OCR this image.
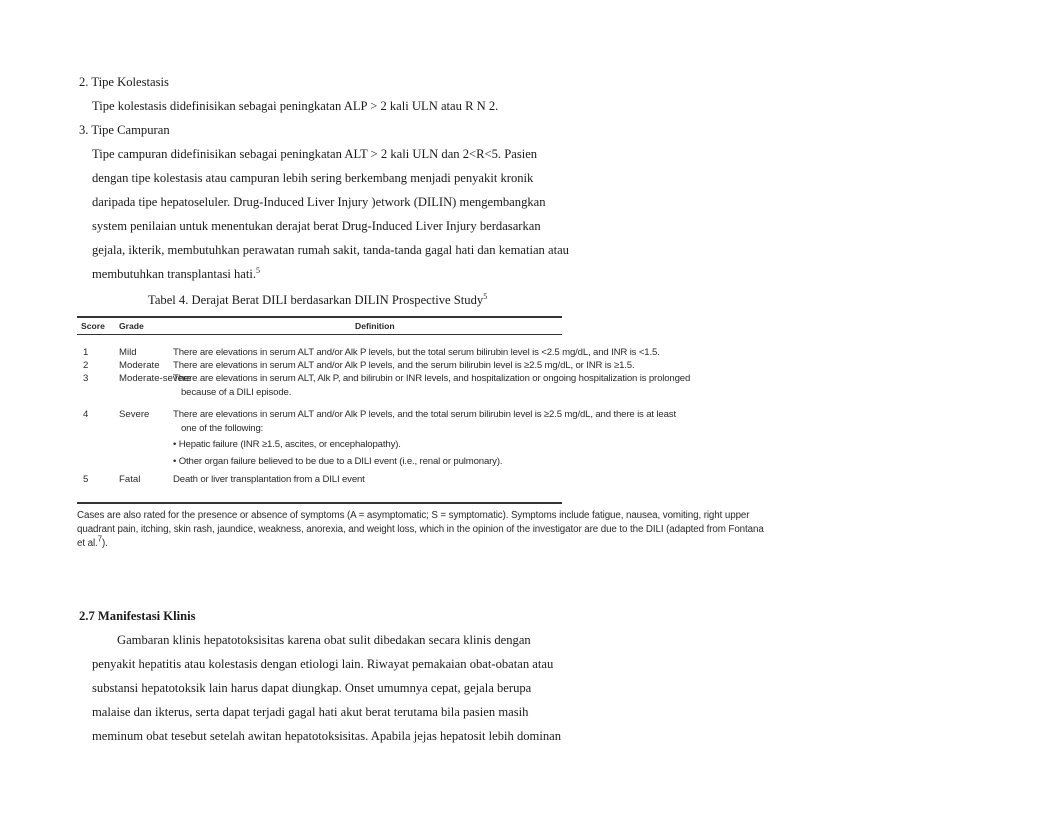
2. Tipe Kolestasis
Tipe kolestasis didefinisikan sebagai peningkatan ALP > 2 kali ULN atau R N 2.
3. Tipe Campuran
Tipe campuran didefinisikan sebagai peningkatan ALT > 2 kali ULN dan 2<R<5. Pasien
dengan tipe kolestasis atau campuran lebih sering berkembang menjadi penyakit kronik
daripada tipe hepatoseluler. Drug-Induced Liver Injury )etwork (DILIN) mengembangkan
system penilaian untuk menentukan derajat berat Drug-Induced Liver Injury berdasarkan
gejala, ikterik, membutuhkan perawatan rumah sakit, tanda-tanda gagal hati dan kematian atau
membutuhkan transplantasi hati.$^5$
Tabel 4. Derajat Berat DILI berdasarkan DILIN Prospective Study$^5$
Score Grade	Definition
1	Mild	There are elevations in serum ALT and/or Alk P levels, but the total serum bilirubin level is <2.5 mg/dL, and INR is <1.5.
2	Moderate There are elevations in serum ALT and/or Alk P levels, and the serum bilirubin level is ≥2.5 mg/dL, or INR is ≥1.5.
3	Moderate-severe
There are elevations in serum ALT, Alk P, and bilirubin or INR levels, and hospitalization or ongoing hospitalization is prolonged
because of a DILI episode.
4	Severe There are elevations in serum ALT and/or Alk P levels, and the total serum bilirubin level is ≥2.5 mg/dL, and there is at least
one of the following:
• Hepatic failure (INR ≥1.5, ascites, or encephalopathy).
• Other organ failure believed to be due to a DILI event (i.e., renal or pulmonary).
5	Fatal	Death or liver transplantation from a DILI event
Cases are also rated for the presence or absence of symptoms (A = asymptomatic; S = symptomatic). Symptoms include fatigue, nausea, vomiting, right upper
quadrant pain, itching, skin rash, jaundice, weakness, anorexia, and weight loss, which in the opinion of the investigator are due to the DILI (adapted from Fontana
et al.$^7$).
2.7 Manifestasi Klinis
Gambaran klinis hepatotoksisitas karena obat sulit dibedakan secara klinis dengan
penyakit hepatitis atau kolestasis dengan etiologi lain. Riwayat pemakaian obat-obatan atau
substansi hepatotoksik lain harus dapat diungkap. Onset umumnya cepat, gejala berupa
malaise dan ikterus, serta dapat terjadi gagal hati akut berat terutama bila pasien masih
meminum obat tesebut setelah awitan hepatotoksisitas. Apabila jejas hepatosit lebih dominan
